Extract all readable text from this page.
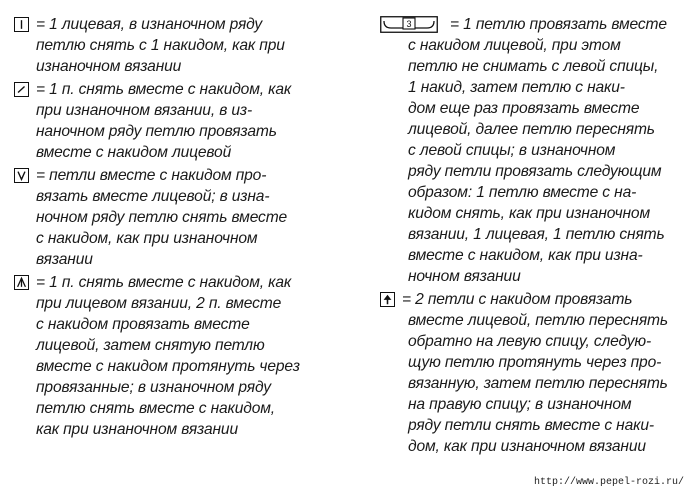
= 1 лицевая, в изнаночном ряду
петлю снять с 1 накидом, как при
изнаночном вязании
= 1 п. снять вместе с накидом, как
при изнаночном вязании, в из-
наночном ряду петлю провязать
вместе с накидом лицевой
= петли вместе с накидом про-
вязать вместе лицевой; в изна-
ночном ряду петлю снять вместе
с накидом, как при изнаночном
вязании
= 1 п. снять вместе с накидом, как
при лицевом вязании, 2 п. вместе
с накидом провязать вместе
лицевой, затем снятую петлю
вместе с накидом протянуть через
провязанные; в изнаночном ряду
петлю снять вместе с накидом,
как при изнаночном вязании
3	= 1 петлю провязать вместе
с накидом лицевой, при этом
петлю не снимать с левой спицы,
1 накид, затем петлю с наки-
дом еще раз провязать вместе
лицевой, далее петлю переснять
с левой спицы; в изнаночном
ряду петли провязать следующим
образом: 1 петлю вместе с на-
кидом снять, как при изнаночном
вязании, 1 лицевая, 1 петлю снять
вместе с накидом, как при изна-
ночном вязании
= 2 петли с накидом провязать
вместе лицевой, петлю переснять
обратно на левую спицу, следую-
щую петлю протянуть через про-
вязанную, затем петлю переснять
на правую спицу; в изнаночном
ряду петли снять вместе с наки-
дом, как при изнаночном вязании
http://www.pepel-rozi.ru/
